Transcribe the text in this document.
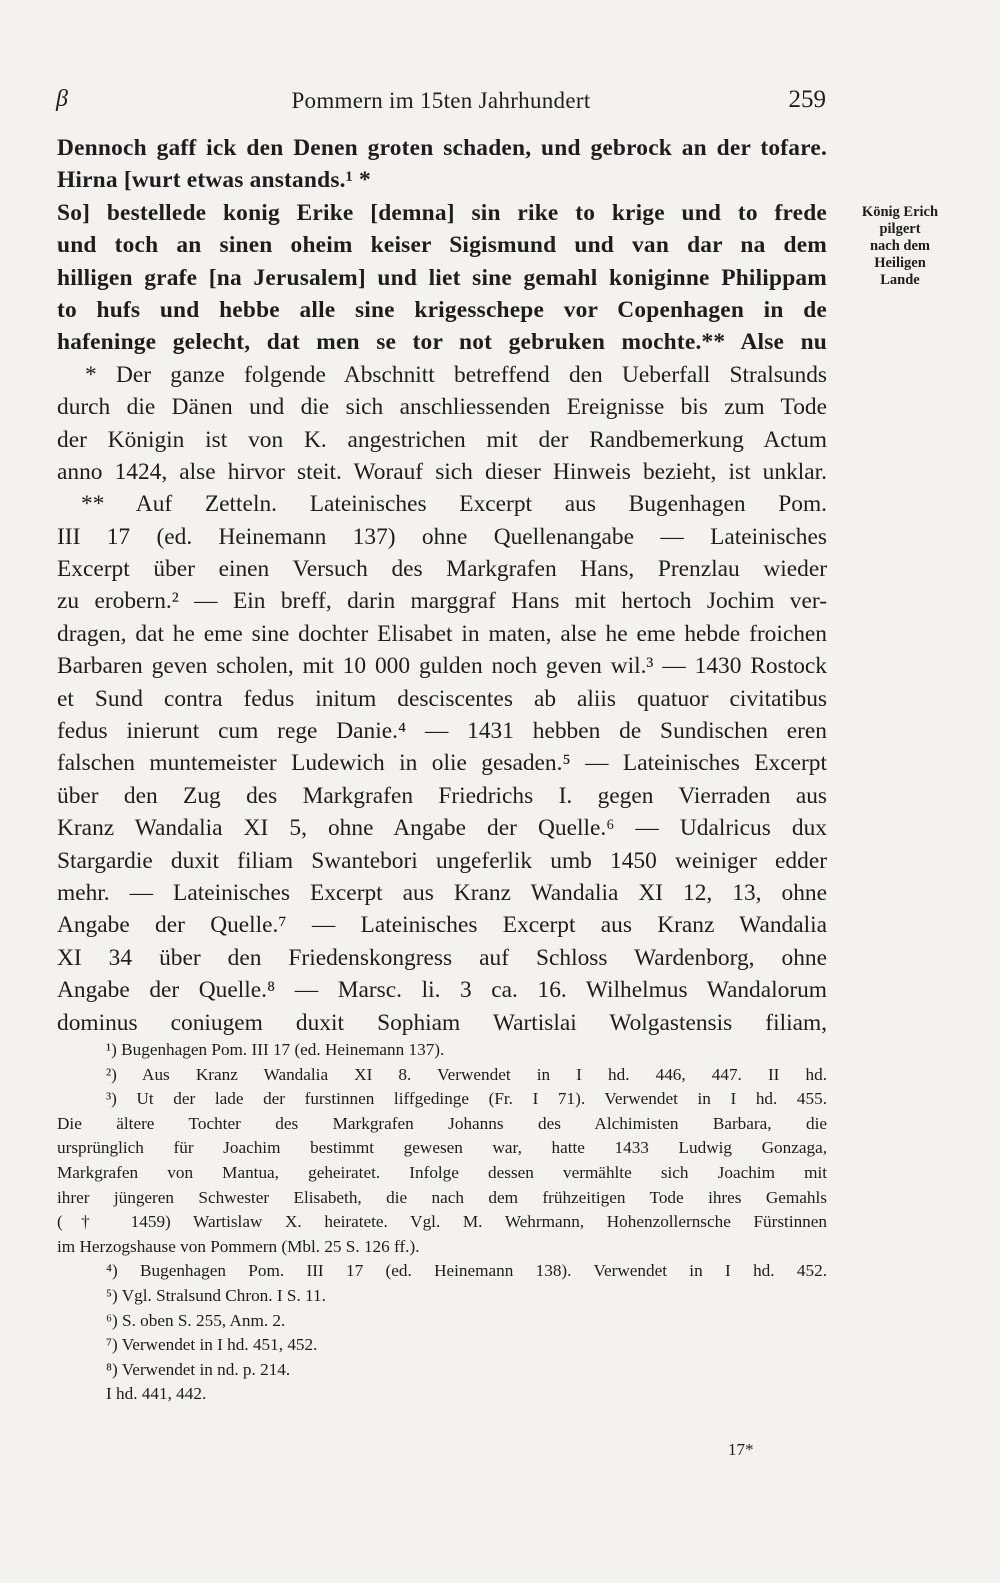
β	Pommern im 15ten Jahrhundert	259
Dennoch gaff ick den Denen groten schaden, und gebrock an der tofare.
Hirna [wurt etwas anstands.¹ *
So] bestellede konig Erike [demna] sin rike to krige und to frede
und toch an sinen oheim keiser Sigismund und van dar na dem
hilligen grafe [na Jerusalem] und liet sine gemahl koniginne Philippam
to hufs und hebbe alle sine krigesschepe vor Copenhagen in de
hafeninge gelecht, dat men se tor not gebruken mochte.** Alse nu
* Der ganze folgende Abschnitt betreffend den Ueberfall Stralsunds
durch die Dänen und die sich anschliessenden Ereignisse bis zum Tode
der Königin ist von K. angestrichen mit der Randbemerkung Actum
anno 1424, alse hirvor steit. Worauf sich dieser Hinweis bezieht, ist unklar.
** Auf Zetteln. Lateinisches Excerpt aus Bugenhagen Pom.
III 17 (ed. Heinemann 137) ohne Quellenangabe — Lateinisches
Excerpt über einen Versuch des Markgrafen Hans, Prenzlau wieder
zu erobern.² — Ein breff, darin marggraf Hans mit hertoch Jochim ver-
dragen, dat he eme sine dochter Elisabet in maten, alse he eme hebde froichen
Barbaren geven scholen, mit 10 000 gulden noch geven wil.³ — 1430 Rostock
et Sund contra fedus initum desciscentes ab aliis quatuor civitatibus
fedus inierunt cum rege Danie.⁴ — 1431 hebben de Sundischen eren
falschen muntemeister Ludewich in olie gesaden.⁵ — Lateinisches Excerpt
über den Zug des Markgrafen Friedrichs I. gegen Vierraden aus
Kranz Wandalia XI 5, ohne Angabe der Quelle.⁶ — Udalricus dux
Stargardie duxit filiam Swantebori ungeferlik umb 1450 weiniger edder
mehr. — Lateinisches Excerpt aus Kranz Wandalia XI 12, 13, ohne
Angabe der Quelle.⁷ — Lateinisches Excerpt aus Kranz Wandalia
XI 34 über den Friedenskongress auf Schloss Wardenborg, ohne
Angabe der Quelle.⁸ — Marsc. li. 3 ca. 16. Wilhelmus Wandalorum
dominus coniugem duxit Sophiam Wartislai Wolgastensis filiam,
König Erich
pilgert
nach dem
Heiligen
Lande
¹) Bugenhagen Pom. III 17 (ed. Heinemann 137).
²) Aus Kranz Wandalia XI 8. Verwendet in I hd. 446, 447. II hd.
³) Ut der lade der furstinnen liffgedinge (Fr. I 71). Verwendet in I hd. 455.
Die ältere Tochter des Markgrafen Johanns des Alchimisten Barbara, die
ursprünglich für Joachim bestimmt gewesen war, hatte 1433 Ludwig Gonzaga,
Markgrafen von Mantua, geheiratet. Infolge dessen vermählte sich Joachim mit
ihrer jüngeren Schwester Elisabeth, die nach dem frühzeitigen Tode ihres Gemahls
(† 1459) Wartislaw X. heiratete. Vgl. M. Wehrmann, Hohenzollernsche Fürstinnen
im Herzogshause von Pommern (Mbl. 25 S. 126 ff.).
⁴) Bugenhagen Pom. III 17 (ed. Heinemann 138). Verwendet in I hd. 452.
⁵) Vgl. Stralsund Chron. I S. 11.
⁶) S. oben S. 255, Anm. 2.
⁷) Verwendet in I hd. 451, 452.
⁸) Verwendet in nd. p. 214.
I hd. 441, 442.
17*
